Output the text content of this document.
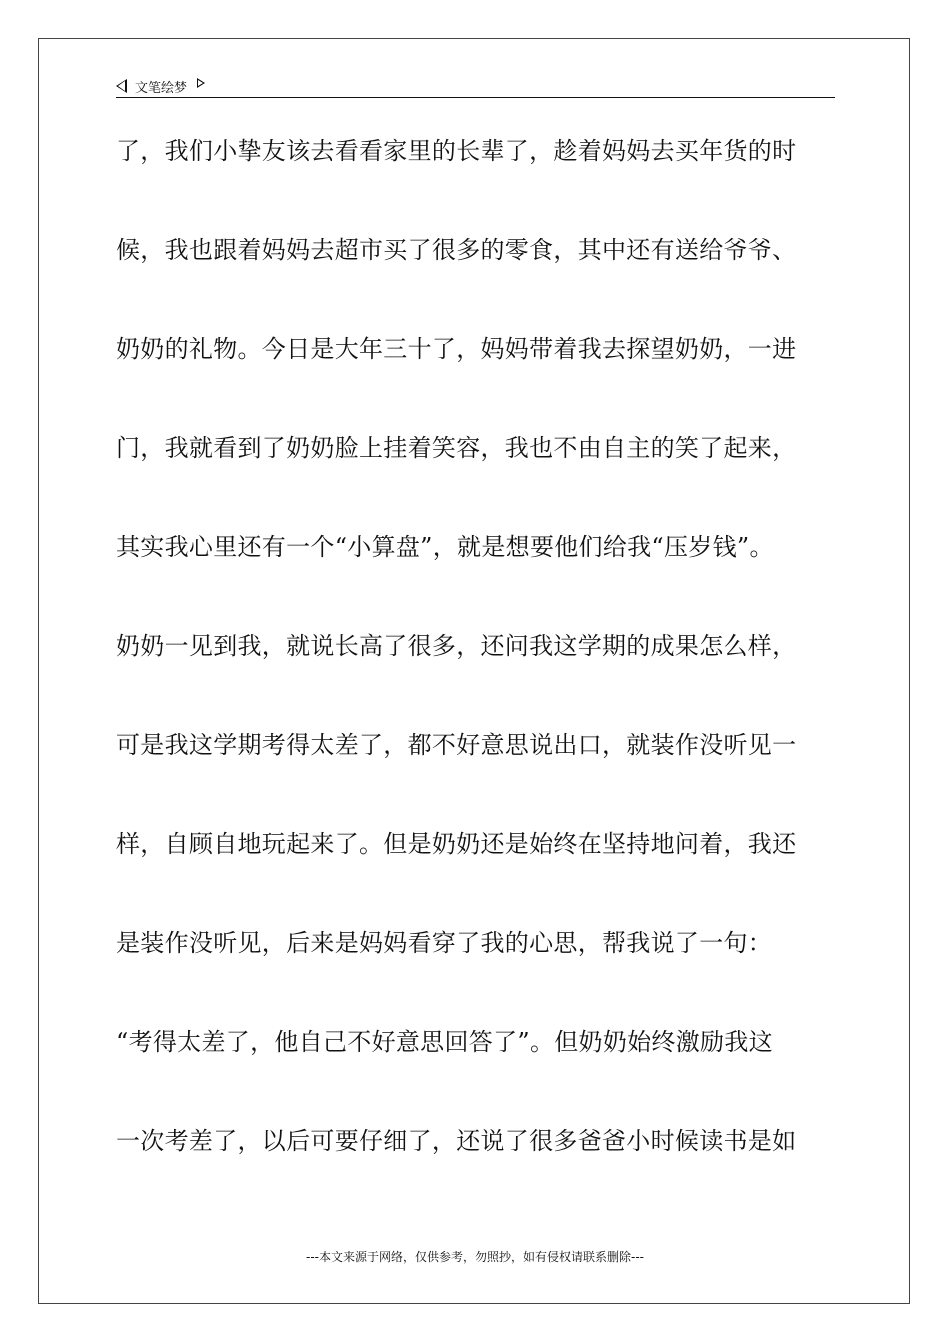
文笔绘梦
了，我们小挚友该去看看家里的长辈了，趁着妈妈去买年货的时
候，我也跟着妈妈去超市买了很多的零食，其中还有送给爷爷、
奶奶的礼物。今日是大年三十了，妈妈带着我去探望奶奶，一进
门，我就看到了奶奶脸上挂着笑容，我也不由自主的笑了起来，
其实我心里还有一个“小算盘”，就是想要他们给我“压岁钱”。
奶奶一见到我，就说长高了很多，还问我这学期的成果怎么样，
可是我这学期考得太差了，都不好意思说出口，就装作没听见一
样，自顾自地玩起来了。但是奶奶还是始终在坚持地问着，我还
是装作没听见，后来是妈妈看穿了我的心思，帮我说了一句：
“考得太差了，他自己不好意思回答了”。但奶奶始终激励我这
一次考差了，以后可要仔细了，还说了很多爸爸小时候读书是如
---本文来源于网络，仅供参考，勿照抄，如有侵权请联系删除---
